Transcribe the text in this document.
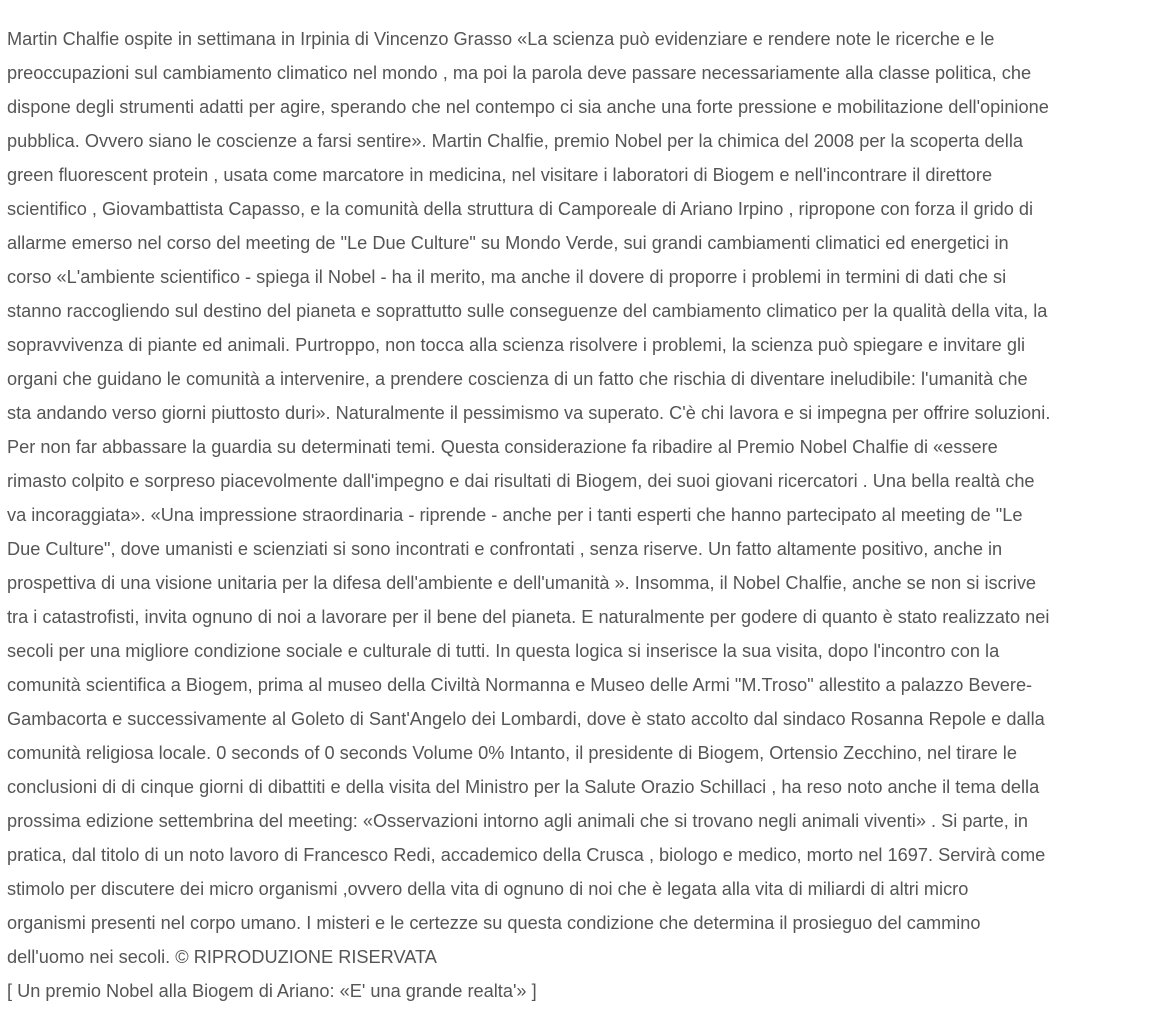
Martin Chalfie ospite in settimana in Irpinia di Vincenzo Grasso «La scienza può evidenziare e rendere note le ricerche e le
preoccupazioni sul cambiamento climatico nel mondo , ma poi la parola deve passare necessariamente alla classe politica, che
dispone degli strumenti adatti per agire, sperando che nel contempo ci sia anche una forte pressione e mobilitazione dell'opinione
pubblica. Ovvero siano le coscienze a farsi sentire». Martin Chalfie, premio Nobel per la chimica del 2008 per la scoperta della
green fluorescent protein , usata come marcatore in medicina, nel visitare i laboratori di Biogem e nell'incontrare il direttore
scientifico , Giovambattista Capasso, e la comunità della struttura di Camporeale di Ariano Irpino , ripropone con forza il grido di
allarme emerso nel corso del meeting de "Le Due Culture" su Mondo Verde, sui grandi cambiamenti climatici ed energetici in
corso «L'ambiente scientifico - spiega il Nobel - ha il merito, ma anche il dovere di proporre i problemi in termini di dati che si
stanno raccogliendo sul destino del pianeta e soprattutto sulle conseguenze del cambiamento climatico per la qualità della vita, la
sopravvivenza di piante ed animali. Purtroppo, non tocca alla scienza risolvere i problemi, la scienza può spiegare e invitare gli
organi che guidano le comunità a intervenire, a prendere coscienza di un fatto che rischia di diventare ineludibile: l'umanità che
sta andando verso giorni piuttosto duri». Naturalmente il pessimismo va superato. C'è chi lavora e si impegna per offrire soluzioni.
Per non far abbassare la guardia su determinati temi. Questa considerazione fa ribadire al Premio Nobel Chalfie di «essere
rimasto colpito e sorpreso piacevolmente dall'impegno e dai risultati di Biogem, dei suoi giovani ricercatori . Una bella realtà che
va incoraggiata». «Una impressione straordinaria - riprende - anche per i tanti esperti che hanno partecipato al meeting de "Le
Due Culture", dove umanisti e scienziati si sono incontrati e confrontati , senza riserve. Un fatto altamente positivo, anche in
prospettiva di una visione unitaria per la difesa dell'ambiente e dell'umanità ». Insomma, il Nobel Chalfie, anche se non si iscrive
tra i catastrofisti, invita ognuno di noi a lavorare per il bene del pianeta. E naturalmente per godere di quanto è stato realizzato nei
secoli per una migliore condizione sociale e culturale di tutti. In questa logica si inserisce la sua visita, dopo l'incontro con la
comunità scientifica a Biogem, prima al museo della Civiltà Normanna e Museo delle Armi "M.Troso" allestito a palazzo Bevere-
Gambacorta e successivamente al Goleto di Sant'Angelo dei Lombardi, dove è stato accolto dal sindaco Rosanna Repole e dalla
comunità religiosa locale. 0 seconds of 0 seconds Volume 0% Intanto, il presidente di Biogem, Ortensio Zecchino, nel tirare le
conclusioni di di cinque giorni di dibattiti e della visita del Ministro per la Salute Orazio Schillaci , ha reso noto anche il tema della
prossima edizione settembrina del meeting: «Osservazioni intorno agli animali che si trovano negli animali viventi» . Si parte, in
pratica, dal titolo di un noto lavoro di Francesco Redi, accademico della Crusca , biologo e medico, morto nel 1697. Servirà come
stimolo per discutere dei micro organismi ,ovvero della vita di ognuno di noi che è legata alla vita di miliardi di altri micro
organismi presenti nel corpo umano. I misteri e le certezze su questa condizione che determina il prosieguo del cammino
dell'uomo nei secoli. © RIPRODUZIONE RISERVATA
[ Un premio Nobel alla Biogem di Ariano: «E' una grande realta'» ]
